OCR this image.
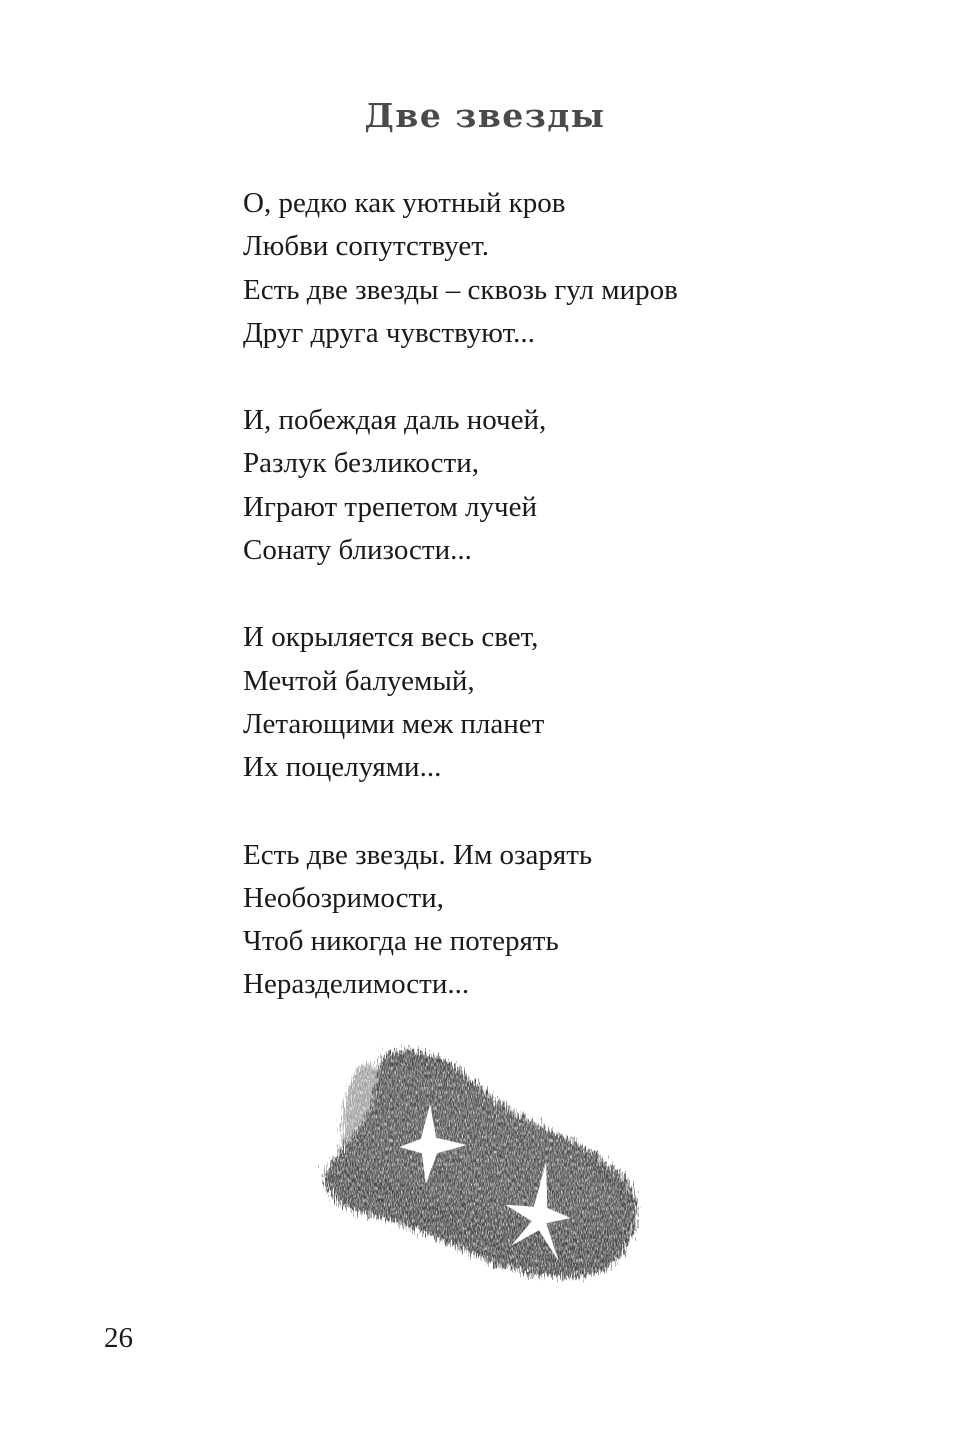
Две звезды
О, редко как уютный кров
Любви сопутствует.
Есть две звезды – сквозь гул миров
Друг друга чувствуют...
И, побеждая даль ночей,
Разлук безликости,
Играют трепетом лучей
Сонату близости...
И окрыляется весь свет,
Мечтой балуемый,
Летающими меж планет
Их поцелуями...
Есть две звезды. Им озарять
Необозримости,
Чтоб никогда не потерять
Неразделимости...
26
